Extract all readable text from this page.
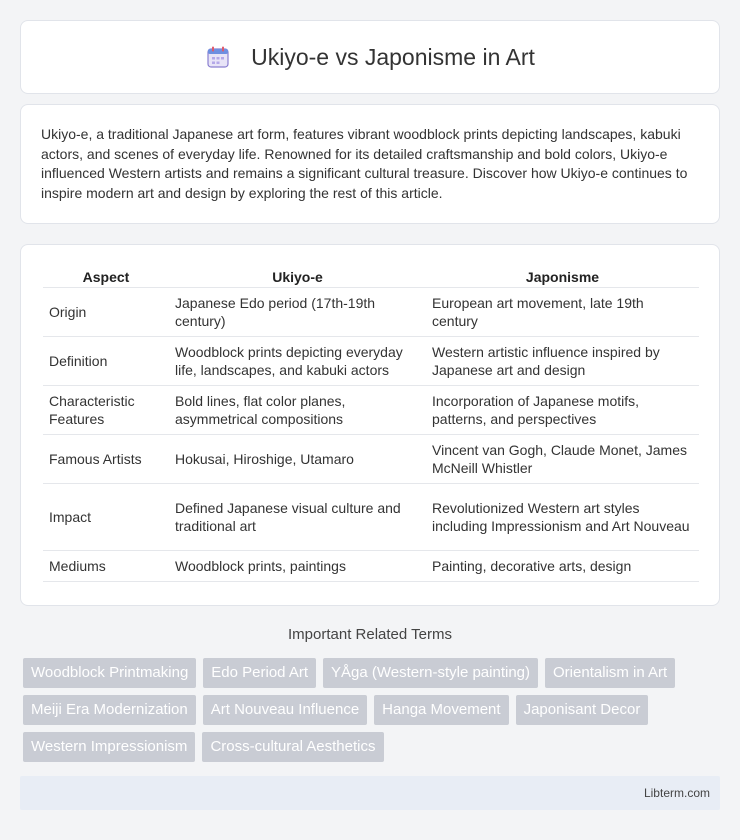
Ukiyo-e vs Japonisme in Art

Ukiyo-e, a traditional Japanese art form, features vibrant woodblock prints depicting landscapes, kabuki actors, and scenes of everyday life. Renowned for its detailed craftsmanship and bold colors, Ukiyo-e influenced Western artists and remains a significant cultural treasure. Discover how Ukiyo-e continues to inspire modern art and design by exploring the rest of this article.

Aspect	Ukiyo-e	Japonisme
Origin	Japanese Edo period (17th-19th century)	European art movement, late 19th century
Definition	Woodblock prints depicting everyday life, landscapes, and kabuki actors	Western artistic influence inspired by Japanese art and design
Characteristic Features	Bold lines, flat color planes, asymmetrical compositions	Incorporation of Japanese motifs, patterns, and perspectives
Famous Artists	Hokusai, Hiroshige, Utamaro	Vincent van Gogh, Claude Monet, James McNeill Whistler
Impact	Defined Japanese visual culture and traditional art	Revolutionized Western art styles including Impressionism and Art Nouveau
Mediums	Woodblock prints, paintings	Painting, decorative arts, design
Important Related Terms
Woodblock Printmaking	Edo Period Art	YÅga (Western-style painting)	Orientalism in Art
Meiji Era Modernization	Art Nouveau Influence	Hanga Movement	Japonisant Decor
Western Impressionism	Cross-cultural Aesthetics
Libterm.com
